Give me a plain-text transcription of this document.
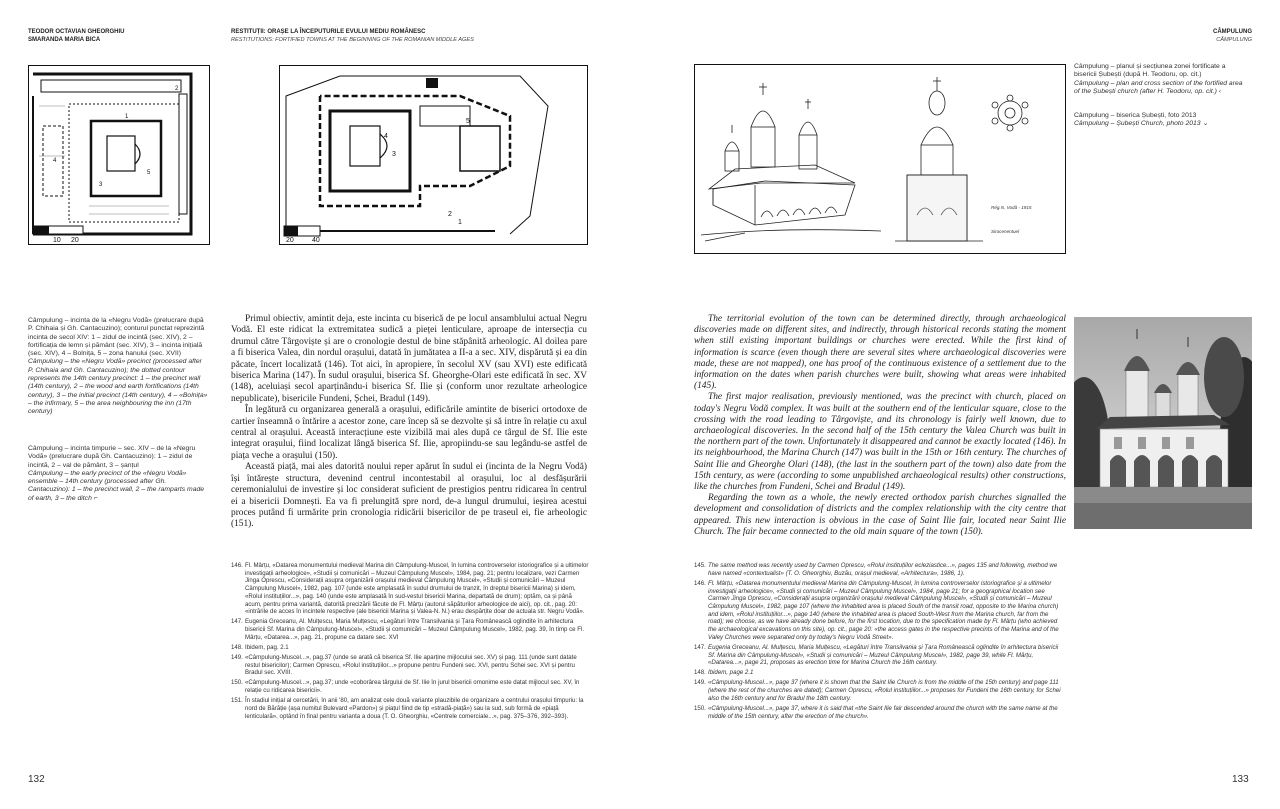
TEODOR OCTAVIAN GHEORGHIU
SMARANDA MARIA BICA
RESTITUȚII: ORAȘE LA ÎNCEPUTURILE EVULUI MEDIU ROMÂNESC
RESTITUTIONS: FORTIFIED TOWNS AT THE BEGINNING OF THE ROMANIAN MIDDLE AGES
CÂMPULUNG
CÂMPULUNG
10 20
1
2
3
4
5
20	40
1
2
3
4
5
Rég.N. Vodă - 1915
Sirocenentuel
Câmpulung – planul și secțiunea zonei fortificate a bisericii Șubești (după H. Teodoru, op. cit.)
Câmpulung – plan and cross section of the fortified area of the Șubești church (after H. Teodoru, op. cit.) ‹
Câmpulung – biserica Șubești, foto 2013
Câmpulung – Șubești Church, photo 2013 ⌄
Câmpulung – incinta de la «Negru Vodă» (prelucrare după P. Chihaia și Gh. Cantacuzino); conturul punctat reprezintă incinta de secol XIV: 1 – zidul de incintă (sec. XIV), 2 – fortificația de lemn și pământ (sec. XIV), 3 – incinta inițială (sec. XIV), 4 – Bolnița, 5 – zona hanului (sec. XVII)
Câmpulung – the «Negru Vodă» precinct (processed after P. Chihaia and Gh. Cantacuzino); the dotted contour represents the 14th century precinct: 1 – the precinct wall (14th century), 2 – the wood and earth fortifications (14th century), 3 – the initial precinct (14th century), 4 – «Bolnița» – the infirmary, 5 – the area neighbouring the inn (17th century)
Câmpulung – incinta timpurie – sec. XIV – de la «Negru Vodă» (prelucrare după Gh. Cantacuzino): 1 – zidul de incintă, 2 – val de pământ, 3 – șanțul
Câmpulung – the early precinct of the «Negru Vodă» ensemble – 14th century (processed after Gh. Cantacuzino): 1 – the precinct wall, 2 – the ramparts made of earth, 3 – the ditch ⌐

Primul obiectiv, amintit deja, este incinta cu biserică de pe locul ansamblului actual Negru Vodă. El este ridicat la extremitatea sudică a pieței lenticulare, aproape de intersecția cu drumul către Târgoviște și are o cronologie destul de bine stăpânită arheologic. Al doilea pare a fi biserica Valea, din nordul orașului, datată în jumătatea a II-a a sec. XIV, dispărută și ea din păcate, încert localizată (146). Tot aici, în apropiere, în secolul XV (sau XVI) este edificată biserica Marina (147). În sudul orașului, biserica Sf. Gheorghe-Olari este edificată în sec. XV (148), aceluiași secol aparținându-i biserica Sf. Ilie și (conform unor rezultate arheologice nepublicate), bisericile Fundeni, Șchei, Bradul (149).

În legătură cu organizarea generală a orașului, edificările amintite de biserici ortodoxe de cartier înseamnă o întărire a acestor zone, care încep să se dezvolte și să intre în relație cu axul central al orașului. Această interacțiune este vizibilă mai ales după ce târgul de Sf. Ilie este integrat orașului, fiind localizat lângă biserica Sf. Ilie, apropiindu-se sau legându-se astfel de piața veche a orașului (150).

Această piață, mai ales datorită noului reper apărut în sudul ei (incinta de la Negru Vodă) își întărește structura, devenind centrul incontestabil al orașului, loc al desfășurării ceremonialului de investire și loc considerat suficient de prestigios pentru ridicarea în centrul ei a bisericii Domnești. Ea va fi prelungită spre nord, de-a lungul drumului, ieșirea acestui proces putând fi urmărite prin cronologia ridicării bisericilor de pe traseul ei, fie arheologic (151).

The territorial evolution of the town can be determined directly, through archaeological discoveries made on different sites, and indirectly, through historical records stating the moment when still existing important buildings or churches were erected. While the first kind of information is scarce (even though there are several sites where archaeological discoveries were made, these are not mapped), one has proof of the continuous existence of a settlement due to the information on the dates when parish churches were built, showing what areas were inhabited (145).

The first major realisation, previously mentioned, was the precinct with church, placed on today's Negru Vodă complex. It was built at the southern end of the lenticular square, close to the crossing with the road leading to Târgoviște, and its chronology is fairly well known, due to archaeological discoveries. In the second half of the 15th century the Valea Church was built in the northern part of the town. Unfortunately it disappeared and cannot be exactly located (146). In its neighbourhood, the Marina Church (147) was built in the 15th or 16th century. The churches of Saint Ilie and Gheorghe Olari (148), (the last in the southern part of the town) also date from the 15th century, as were (according to some unpublished archaeological results) other constructions, like the churches from Fundeni, Schei and Bradul (149).

Regarding the town as a whole, the newly erected orthodox parish churches signalled the development and consolidation of districts and the complex relationship with the city centre that appeared. This new interaction is obvious in the case of Saint Ilie fair, located near Saint Ilie Church. The fair became connected to the old main square of the town (150).

146. Fl. Mârțu, «Datarea monumentului medieval Marina din Câmpulung-Muscel, în lumina controverselor istoriografice și a ultimelor investigații arheologice», «Studii și comunicări – Muzeul Câmpulung Muscel», 1984, pag. 21; pentru localizare, vezi Carmen Jinga Oprescu, «Considerații asupra organizării orașului medieval Câmpulung Muscel», «Studii și comunicări – Muzeul Câmpulung Muscel», 1982, pag. 107 (unde este amplasată în sudul drumului de tranzit, în dreptul bisericii Marina) și idem, «Rolul instituțiilor...», pag. 140 (unde este amplasată în sud-vestul bisericii Marina, departată de drum); optăm, ca și până acum, pentru prima variantă, datorită precizării făcute de Fl. Mârțu (autorul săpăturilor arheologice de aici), op. cit., pag. 20: «intrările de acces în incintele respective (ale bisericii Marina și Valea-N. N.) erau despărțite doar de actuala str. Negru Vodă».
147. Eugenia Greceanu, Al. Mulțescu, Maria Mulțescu, «Legături între Transilvania și Țara Românească oglindite în arhitectura bisericii Sf. Marina din Câmpulung-Muscel», «Studii și comunicări – Muzeul Câmpulung Muscel», 1982, pag. 39, în timp ce Fl. Mârțu, «Datarea...», pag. 21, propune ca datare sec. XVI
148. Ibidem, pag. 2.1
149. «Câmpulung-Muscel...», pag.37 (unde se arată că biserica Sf. Ilie aparține mijlocului sec. XV) și pag. 111 (unde sunt datate restul bisericilor); Carmen Oprescu, «Rolul instituțiilor...» propune pentru Fundeni sec. XVI, pentru Schei sec. XVI și pentru Bradul sec. XVIII.
150. «Câmpulung-Muscel...», pag.37; unde «coborârea târgului de Sf. Ilie în jurul bisericii omonime este datat mijlocul sec. XV, în relație cu ridicarea bisericii».
151. În stadiul inițial al cercetării, în anii '80, am analizat cele două variante plauzibile de organizare a centrului orașului timpuriu: la nord de Bărăție (așa numitul Bulevard «Pardon») și piațul fiind de tip «stradă-piață») sau la sud, sub formă de «piață lenticulară», optând în final pentru varianta a doua (T. O. Gheorghiu, «Centrele comerciale...», pag. 375–376, 392–393).
145. The same method was recently used by Carmen Oprescu, «Rolul instituțiilor ecleziastice...», pages 135 and following, method we have named «contextualist» (T. O. Gheorghiu, Buzău, orașul medieval, «Arhitectura», 1986, 1).
146. Fl. Mârțu, «Datarea monumentului medieval Marina din Câmpulung-Muscel, în lumina controverselor istoriografice și a ultimelor investigații arheologice», «Studii și comunicări – Muzeul Câmpulung Muscel», 1984, page 21; for a geographical location see Carmen Jinga Oprescu, «Considerații asupra organizării orașului medieval Câmpulung Muscel», «Studii și comunicări – Muzeul Câmpulung Muscel», 1982, page 107 (where the inhabited area is placed South of the transit road, opposite to the Marina church) and idem, «Rolul instituțiilor...», page 140 (where the inhabited area is placed South-West from the Marina church, far from the road); we choose, as we have already done before, for the first location, due to the specification made by Fl. Mârțu (who achieved the archaeological excavations on this site), op. cit., page 20: «the access gates in the respective precints of the Marina and of the Valey Churches were separated only by today's Negru Vodă Street».
147. Eugenia Greceanu, Al. Mulțescu, Maria Mulțescu, «Legături între Transilvania și Țara Românească oglindite în arhitectura bisericii Sf. Marina din Câmpulung-Muscel», «Studii și comunicări – Muzeul Câmpulung Muscel», 1982, page 39, while Fl. Mârțu, «Datarea...», page 21, proposes as erection time for Marina Church the 16th century.
148. Ibidem, page 2.1
149. «Câmpulung-Muscel...», page 37 (where it is shown that the Saint Ilie Church is from the middle of the 15th century) and page 111 (where the rest of the churches are dated); Carmen Oprescu, «Rolul instituțiilor...» proposes for Fundeni the 16th century, for Schei also the 16th century and for Bradul the 18th century.
150. «Câmpulung-Muscel...», page 37, where it is said that «the Saint Ilie fair descended around the church with the same name at the middle of the 15th century, after the erection of the church».
132	133
